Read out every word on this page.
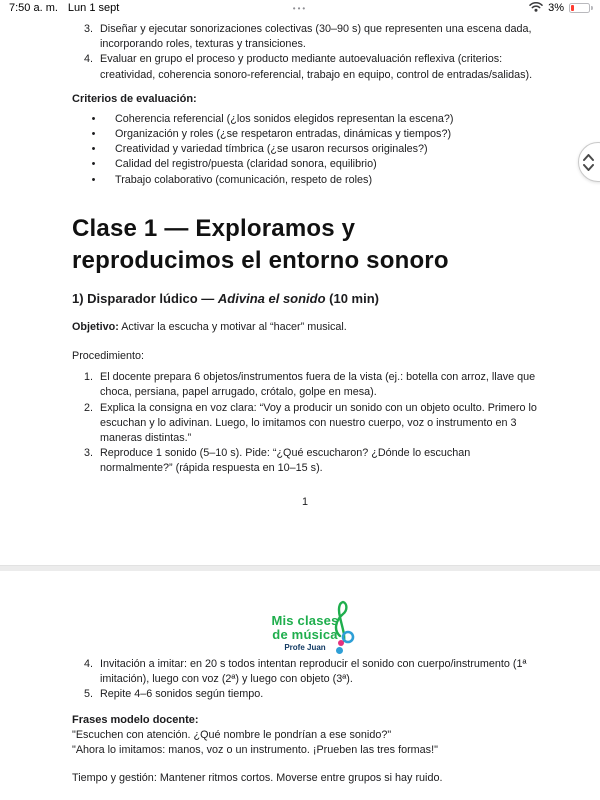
7:50 a. m. Lun 1 sept	•••	3%
3. Diseñar y ejecutar sonorizaciones colectivas (30–90 s) que representen una escena dada, incorporando roles, texturas y transiciones.
4. Evaluar en grupo el proceso y producto mediante autoevaluación reflexiva (criterios: creatividad, coherencia sonoro-referencial, trabajo en equipo, control de entradas/salidas).
Criterios de evaluación:
•	Coherencia referencial (¿los sonidos elegidos representan la escena?)
•	Organización y roles (¿se respetaron entradas, dinámicas y tiempos?)
•	Creatividad y variedad tímbrica (¿se usaron recursos originales?)
•	Calidad del registro/puesta (claridad sonora, equilibrio)
•	Trabajo colaborativo (comunicación, respeto de roles)
Clase 1 — Exploramos y reproducimos el entorno sonoro
1) Disparador lúdico — Adivina el sonido (10 min)
Objetivo: Activar la escucha y motivar al “hacer” musical.
Procedimiento:
1. El docente prepara 6 objetos/instrumentos fuera de la vista (ej.: botella con arroz, llave que choca, persiana, papel arrugado, crótalo, golpe en mesa).
2. Explica la consigna en voz clara: “Voy a producir un sonido con un objeto oculto. Primero lo escuchan y lo adivinan. Luego, lo imitamos con nuestro cuerpo, voz o instrumento en 3 maneras distintas.”
3. Reproduce 1 sonido (5–10 s). Pide: “¿Qué escucharon? ¿Dónde lo escuchan normalmente?” (rápida respuesta en 10–15 s).
1
Mis clases
de música
Profe Juan
4. Invitación a imitar: en 20 s todos intentan reproducir el sonido con cuerpo/instrumento (1ª imitación), luego con voz (2ª) y luego con objeto (3ª).
5. Repite 4–6 sonidos según tiempo.
Frases modelo docente:
"Escuchen con atención. ¿Qué nombre le pondrían a ese sonido?"
"Ahora lo imitamos: manos, voz o un instrumento. ¡Prueben las tres formas!"
Tiempo y gestión: Mantener ritmos cortos. Moverse entre grupos si hay ruido.
